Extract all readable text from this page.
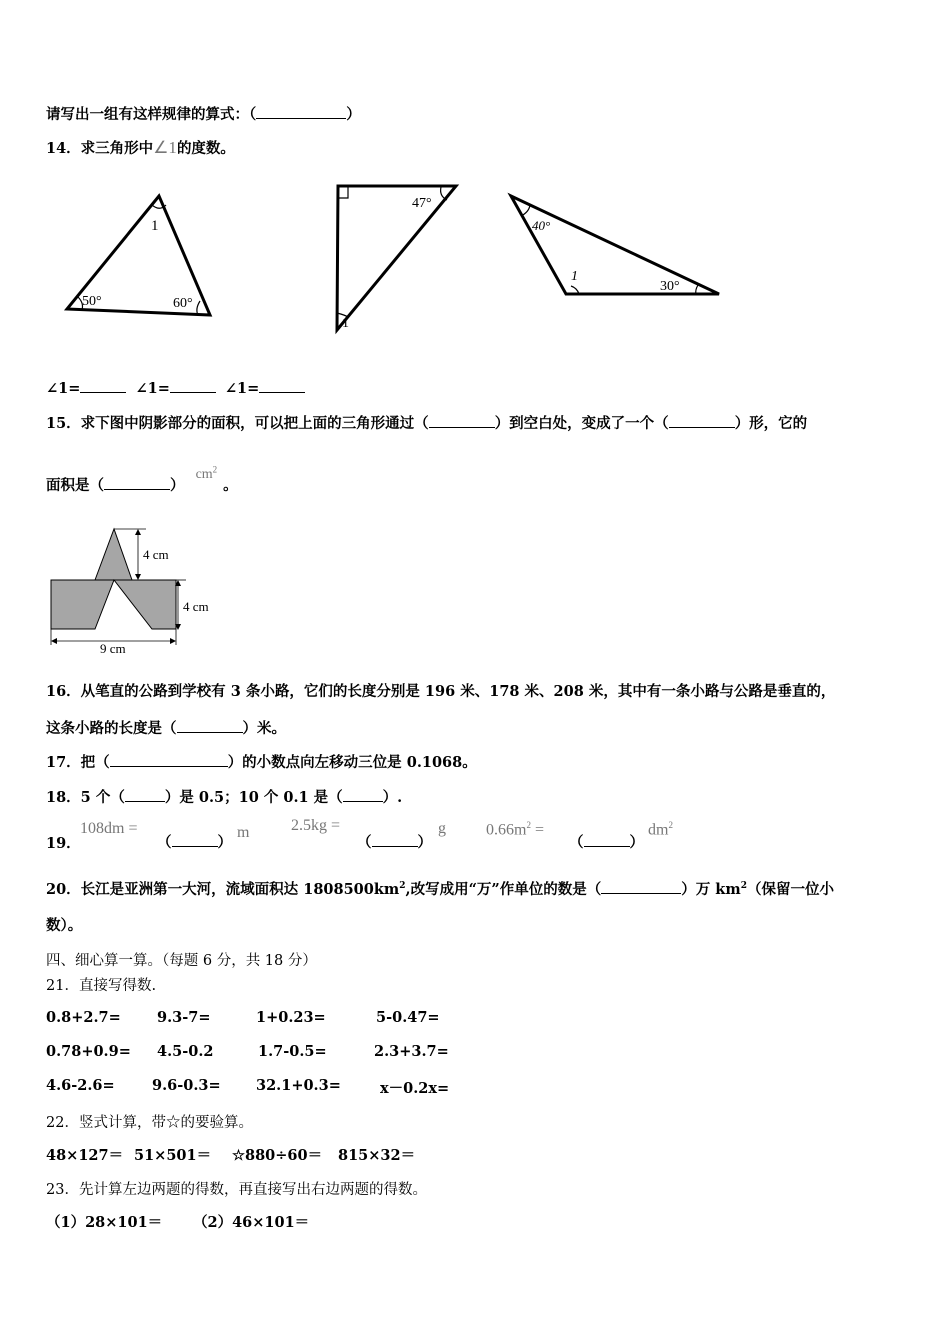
请写出一组有这样规律的算式：（	）
14．求三角形中∠1的度数。
1
50°	60°
47°
1
40°
1
30°
∠1=	∠1=	∠1=
15．求下图中阴影部分的面积，可以把上面的三角形通过（	）到空白处，变成了一个（	）形，它的
面积是（	） $cm^2$。
4 cm
4 cm
9 cm
16．从笔直的公路到学校有 3 条小路，它们的长度分别是 196 米、178 米、208 米，其中有一条小路与公路是垂直的，
这条小路的长度是（	）米。
17．把（	）的小数点向左移动三位是 0.1068。
18．5 个（	）是 0.5；10 个 0.1 是（	）.
19．
108dm =
（	）
m	2.5kg =
（	）
g	$0.66m^2$ =
（	）
$dm^2$
20．长江是亚洲第一大河，流域面积达 $1808500km^2$,改写成用“万”作单位的数是（	）万 $km^2$（保留一位小
数）。
四、细心算一算。（每题 6 分，共 18 分）
21．直接写得数.
0.8+2.7= 9.3-7=	1+0.23=	5-0.47=
0.78+0.9= 4.5-0.2	1.7-0.5=	2.3+3.7=
4.6-2.6=	9.6-0.3= 32.1+0.3=	x－0.2x=
22．竖式计算，带☆的要验算。
48×127＝ 51×501＝ ☆880÷60＝ 815×32＝
23．先计算左边两题的得数，再直接写出右边两题的得数。
（1）28×101＝ （2）46×101＝
